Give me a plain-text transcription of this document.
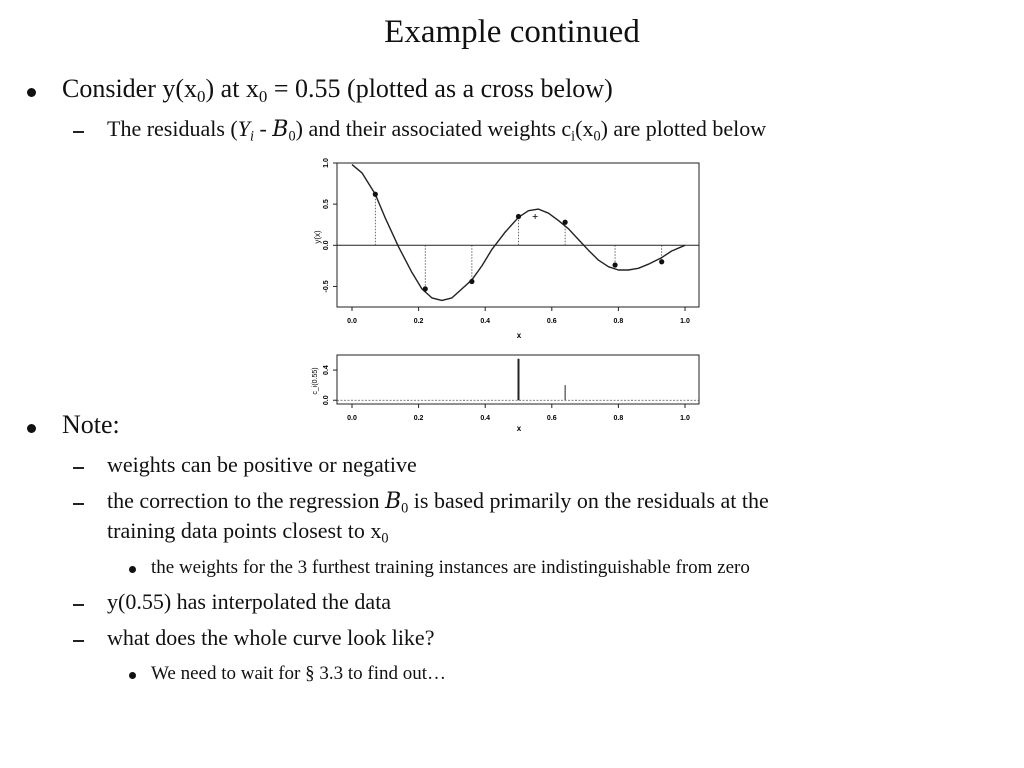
Example continued
Consider $y(x_0)$ at $x_0 = 0.55$ (plotted as a cross below)
The residuals $(Y_i - B_0)$ and their associated weights $c_i(x_0)$ are plotted below
0.0	0.2	0.4	0.6	0.8	1.0
-0.5
0.0
0.5
1.0
y(x)
x
0.0	0.2	0.4	0.6	0.8	1.0
0.0
0.4
c_i(0.55)
x
Note:
weights can be positive or negative
the correction to the regression $B_0$ is based primarily on the residuals at the
training data points closest to $x_0$
the weights for the 3 furthest training instances are indistinguishable from zero
y(0.55) has interpolated the data
what does the whole curve look like?
We need to wait for § 3.3 to find out…
